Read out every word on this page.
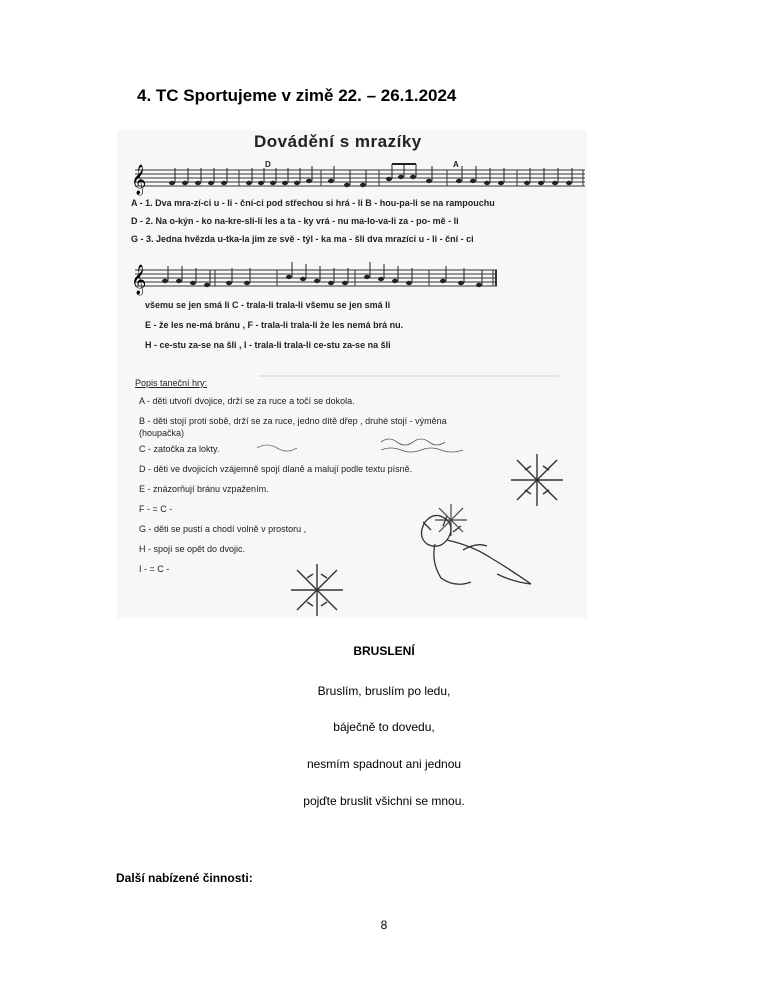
4. TC Sportujeme v zimě 22. – 26.1.2024
𝄞
𝄞
Dovádění s mrazíky
D	A
A - 1. Dva mra-zí-ci u - li - ční-ci pod střechou si hrá - li B - hou-pa-li se na rampouchu
D - 2. Na o-kýn - ko na-kre-sli-li les a ta - ky vrá - nu ma-lo-va-li za - po- mě - li
G - 3. Jedna hvězda u-tka-la jim ze svě - týl - ka ma - šli dva mrazíci u - li - ční - ci
všemu se jen smá li C - trala-li trala-li všemu se jen smá li
E - že les ne-má bránu , F - trala-li trala-li že les nemá brá nu.
H - ce-stu za-se na šli , I - trala-li trala-li ce-stu za-se na šli
Popis taneční hry:
A - děti utvoří dvojice, drží se za ruce a točí se dokola.
B - děti stojí proti sobě, drží se za ruce, jedno dítě dřep , druhé stojí - výměna
(houpačka)
C - zatočka za lokty.
D - děti ve dvojicích vzájemně spojí dlaně a malují podle textu písně.
E - znázorňují bránu vzpažením.
F - = C -
G - děti se pustí a chodí volně v prostoru ,
H - spojí se opět do dvojic.
I - = C -
BRUSLENÍ
Bruslím, bruslím po ledu,
báječně to dovedu,
nesmím spadnout ani jednou
pojďte bruslit všichni se mnou.
Další nabízené činnosti:
8
